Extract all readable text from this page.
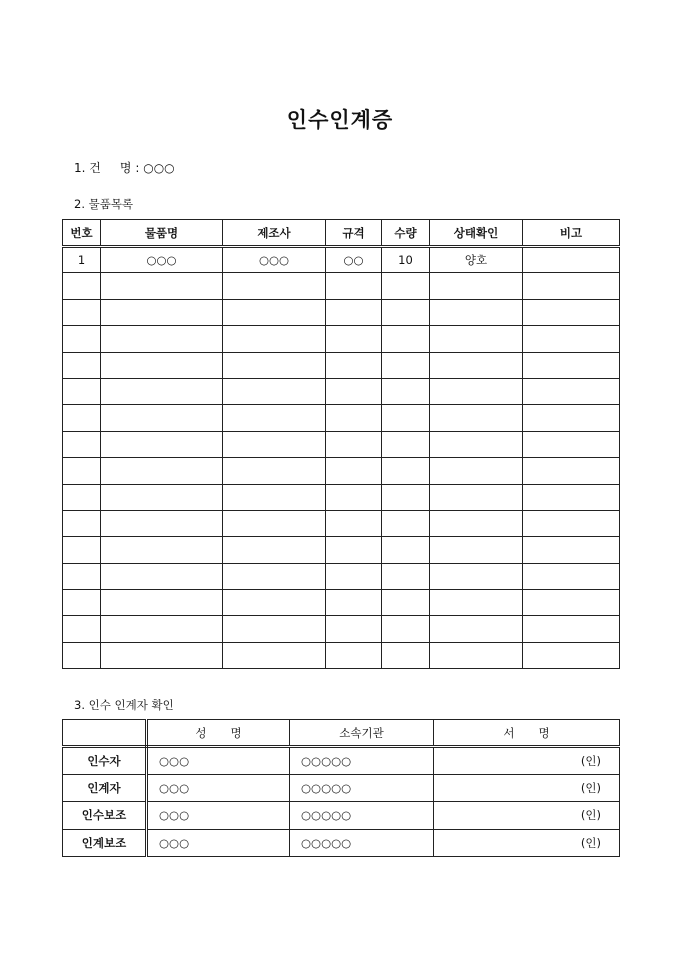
인수인계증
1. 건     명 : ○○○
2. 물품목록
번호	물품명	제조사	규격	수량	상태확인	비고
1	○○○	○○○	○○	10	양호	

3. 인수 인계자 확인
	성명	소속기관	서명
인수자	○○○	○○○○○	(인)
인계자	○○○	○○○○○	(인)
인수보조	○○○	○○○○○	(인)
인계보조	○○○	○○○○○	(인)
